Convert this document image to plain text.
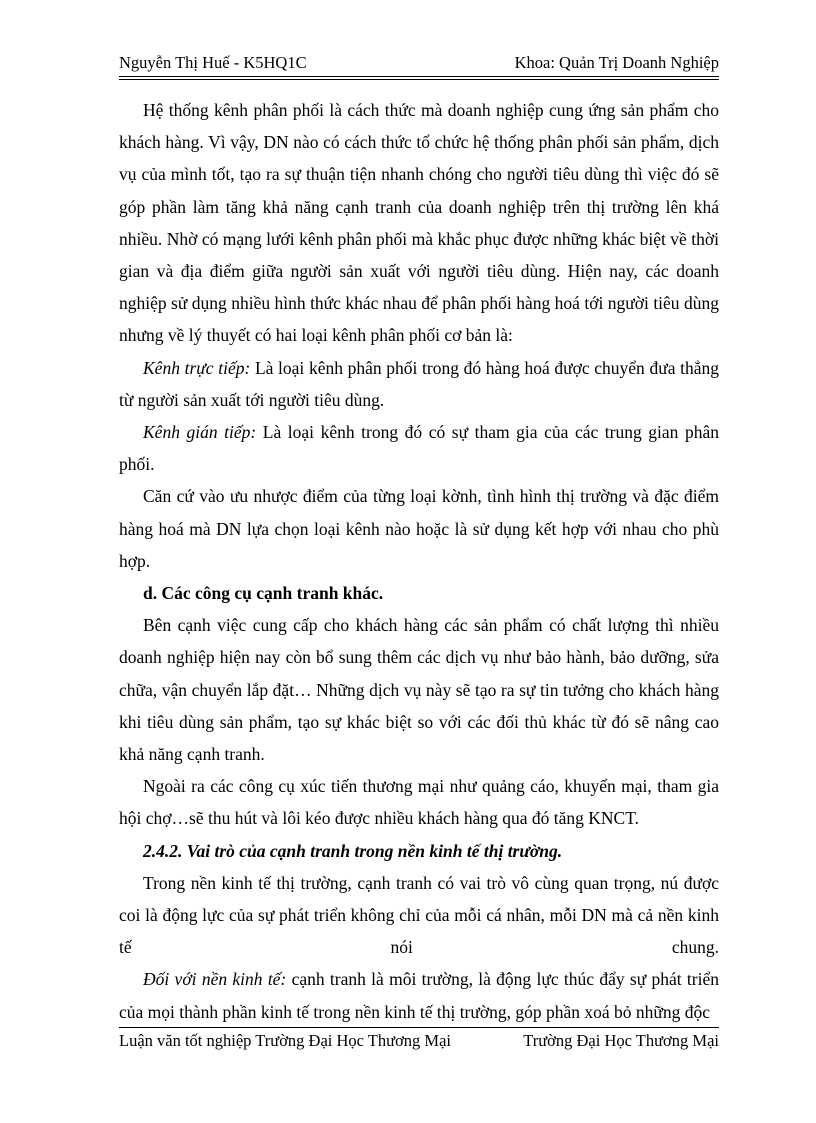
Nguyễn Thị Huế - K5HQ1C	Khoa: Quản Trị Doanh Nghiệp

Hệ thống kênh phân phối là cách thức mà doanh nghiệp cung ứng sản phẩm cho khách hàng. Vì vậy, DN nào có cách thức tổ chức hệ thống phân phối sản phẩm, dịch vụ của mình tốt, tạo ra sự thuận tiện nhanh chóng cho người tiêu dùng thì việc đó sẽ góp phần làm tăng khả năng cạnh tranh của doanh nghiệp trên thị trường lên khá nhiều. Nhờ có mạng lưới kênh phân phối mà khắc phục được những khác biệt về thời gian và địa điểm giữa người sản xuất với người tiêu dùng. Hiện nay, các doanh nghiệp sử dụng nhiều hình thức khác nhau để phân phối hàng hoá tới người tiêu dùng nhưng về lý thuyết có hai loại kênh phân phối cơ bản là:

Kênh trực tiếp: Là loại kênh phân phối trong đó hàng hoá được chuyển đưa thẳng từ người sản xuất tới người tiêu dùng.

Kênh gián tiếp: Là loại kênh trong đó có sự tham gia của các trung gian phân phối.

Căn cứ vào ưu nhược điểm của từng loại kờnh, tình hình thị trường và đặc điểm hàng hoá mà DN lựa chọn loại kênh nào hoặc là sử dụng kết hợp với nhau cho phù hợp.

d. Các công cụ cạnh tranh khác.

Bên cạnh việc cung cấp cho khách hàng các sản phẩm có chất lượng thì nhiều doanh nghiệp hiện nay còn bổ sung thêm các dịch vụ như bảo hành, bảo dưỡng, sửa chữa, vận chuyển lắp đặt… Những dịch vụ này sẽ tạo ra sự tin tưởng cho khách hàng khi tiêu dùng sản phẩm, tạo sự khác biệt so với các đối thủ khác từ đó sẽ nâng cao khả năng cạnh tranh.

Ngoài ra các công cụ xúc tiến thương mại như quảng cáo, khuyến mại, tham gia hội chợ…sẽ thu hút và lôi kéo được nhiều khách hàng qua đó tăng KNCT.

2.4.2. Vai trò của cạnh tranh trong nền kinh tế thị trường.

Trong nền kinh tế thị trường, cạnh tranh có vai trò vô cùng quan trọng, nú được coi là động lực của sự phát triển không chỉ của mỗi cá nhân, mỗi DN mà cả nền kinh tế nói chung.

Đối với nền kinh tế: cạnh tranh là môi trường, là động lực thúc đẩy sự phát triển của mọi thành phần kinh tế trong nền kinh tế thị trường, góp phần xoá bỏ những độc

Luận văn tốt nghiệp Trường Đại Học Thương Mại	Trường Đại Học Thương Mại
